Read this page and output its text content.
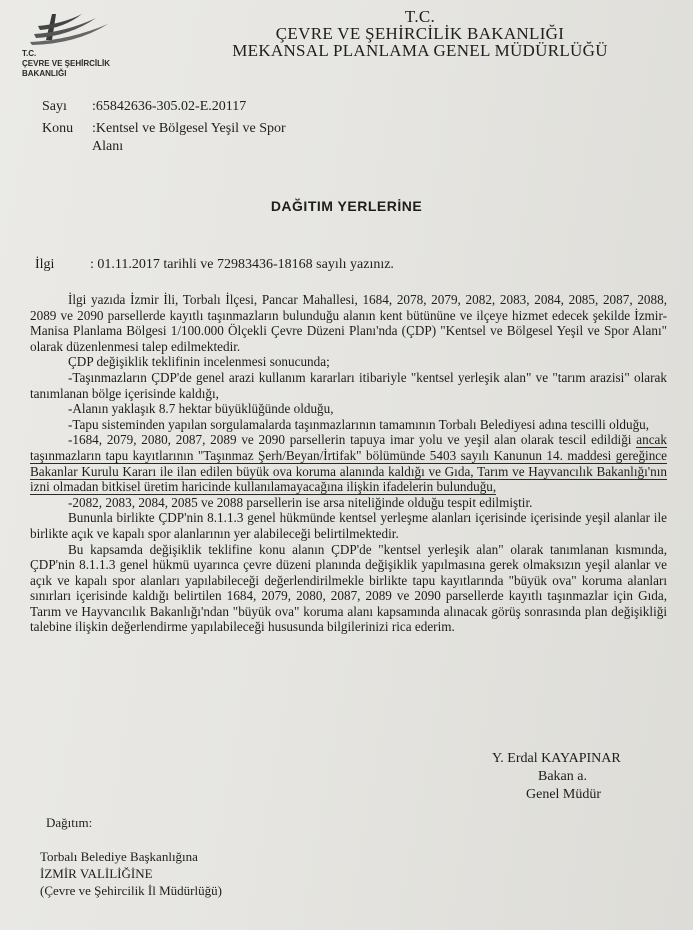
T.C.
ÇEVRE VE ŞEHİRCİLİK
BAKANLIĞI
T.C.
ÇEVRE VE ŞEHİRCİLİK BAKANLIĞI
MEKANSAL PLANLAMA GENEL MÜDÜRLÜĞÜ
Sayı :65842636-305.02-E.20117
Konu :Kentsel ve Bölgesel Yeşil ve Spor
Alanı
DAĞITIM YERLERİNE
İlgi	: 01.11.2017 tarihli ve 72983436-18168 sayılı yazınız.

İlgi yazıda İzmir İli, Torbalı İlçesi, Pancar Mahallesi, 1684, 2078, 2079, 2082, 2083, 2084, 2085, 2087, 2088, 2089 ve 2090 parsellerde kayıtlı taşınmazların bulunduğu alanın kent bütününe ve ilçeye hizmet edecek şekilde İzmir-Manisa Planlama Bölgesi 1/100.000 Ölçekli Çevre Düzeni Planı'nda (ÇDP) "Kentsel ve Bölgesel Yeşil ve Spor Alanı" olarak düzenlenmesi talep edilmektedir.

ÇDP değişiklik teklifinin incelenmesi sonucunda;

-Taşınmazların ÇDP'de genel arazi kullanım kararları itibariyle "kentsel yerleşik alan" ve "tarım arazisi" olarak tanımlanan bölge içerisinde kaldığı,

-Alanın yaklaşık 8.7 hektar büyüklüğünde olduğu,

-Tapu sisteminden yapılan sorgulamalarda taşınmazlarının tamamının Torbalı Belediyesi adına tescilli olduğu,

-1684, 2079, 2080, 2087, 2089 ve 2090 parsellerin tapuya imar yolu ve yeşil alan olarak tescil edildiği ancak taşınmazların tapu kayıtlarının "Taşınmaz Şerh/Beyan/İrtifak" bölümünde 5403 sayılı Kanunun 14. maddesi gereğince Bakanlar Kurulu Kararı ile ilan edilen büyük ova koruma alanında kaldığı ve Gıda, Tarım ve Hayvancılık Bakanlığı'nın izni olmadan bitkisel üretim haricinde kullanılamayacağına ilişkin ifadelerin bulunduğu,

-2082, 2083, 2084, 2085 ve 2088 parsellerin ise arsa niteliğinde olduğu tespit edilmiştir.

Bununla birlikte ÇDP'nin 8.1.1.3 genel hükmünde kentsel yerleşme alanları içerisinde içerisinde yeşil alanlar ile birlikte açık ve kapalı spor alanlarının yer alabileceği belirtilmektedir.

Bu kapsamda değişiklik teklifine konu alanın ÇDP'de "kentsel yerleşik alan" olarak tanımlanan kısmında, ÇDP'nin 8.1.1.3 genel hükmü uyarınca çevre düzeni planında değişiklik yapılmasına gerek olmaksızın yeşil alanlar ve açık ve kapalı spor alanları yapılabileceği değerlendirilmekle birlikte tapu kayıtlarında "büyük ova" koruma alanları sınırları içerisinde kaldığı belirtilen 1684, 2079, 2080, 2087, 2089 ve 2090 parsellerde kayıtlı taşınmazlar için Gıda, Tarım ve Hayvancılık Bakanlığı'ndan "büyük ova" koruma alanı kapsamında alınacak görüş sonrasında plan değişikliği talebine ilişkin değerlendirme yapılabileceği hususunda bilgilerinizi rica ederim.

Y. Erdal KAYAPINAR
Bakan a.
Genel Müdür
Dağıtım:
Torbalı Belediye Başkanlığına
İZMİR VALİLİĞİNE
(Çevre ve Şehircilik İl Müdürlüğü)
